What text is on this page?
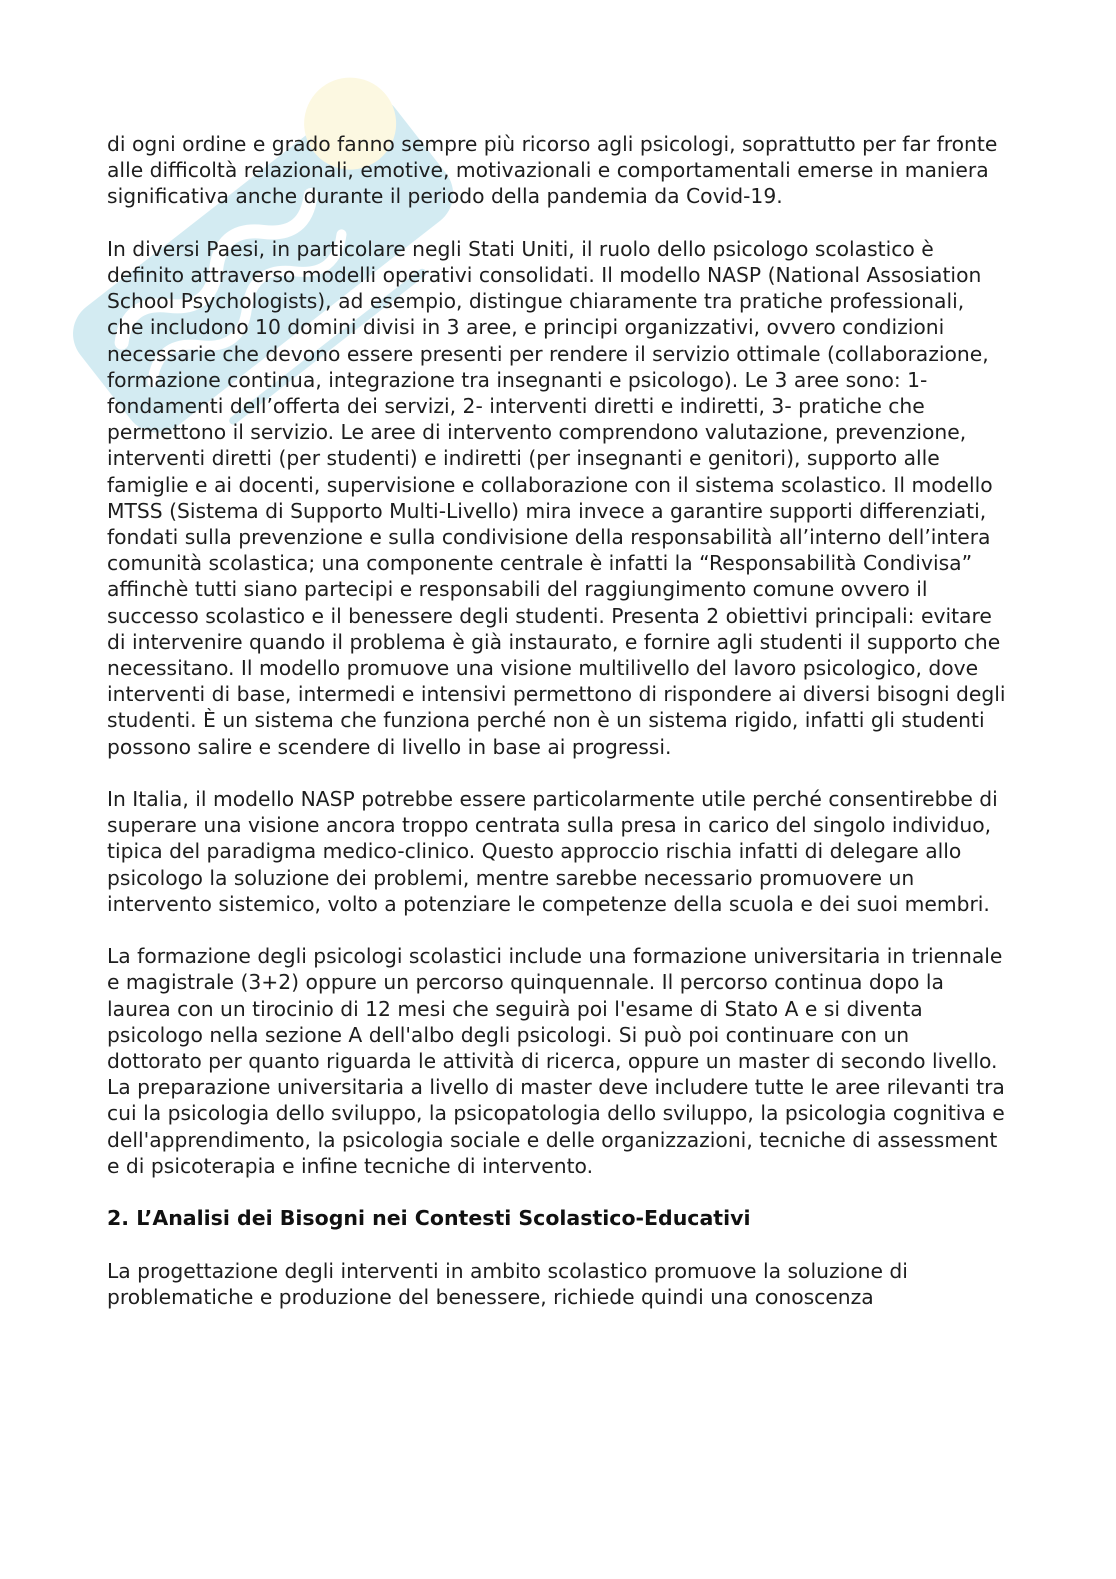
di ogni ordine e grado fanno sempre più ricorso agli psicologi, soprattutto per far fronte alle difficoltà relazionali, emotive, motivazionali e comportamentali emerse in maniera significativa anche durante il periodo della pandemia da Covid-19.

In diversi Paesi, in particolare negli Stati Uniti, il ruolo dello psicologo scolastico è definito attraverso modelli operativi consolidati. Il modello NASP (National Assosiation School Psychologists), ad esempio, distingue chiaramente tra pratiche professionali, che includono 10 domini divisi in 3 aree, e principi organizzativi, ovvero condizioni necessarie che devono essere presenti per rendere il servizio ottimale (collaborazione, formazione continua, integrazione tra insegnanti e psicologo). Le 3 aree sono: 1- fondamenti dell’offerta dei servizi, 2- interventi diretti e indiretti, 3- pratiche che permettono il servizio. Le aree di intervento comprendono valutazione, prevenzione, interventi diretti (per studenti) e indiretti (per insegnanti e genitori), supporto alle famiglie e ai docenti, supervisione e collaborazione con il sistema scolastico. Il modello MTSS (Sistema di Supporto Multi-Livello) mira invece a garantire supporti differenziati, fondati sulla prevenzione e sulla condivisione della responsabilità all’interno dell’intera comunità scolastica; una componente centrale è infatti la “Responsabilità Condivisa” affinchè tutti siano partecipi e responsabili del raggiungimento comune ovvero il successo scolastico e il benessere degli studenti. Presenta 2 obiettivi principali: evitare di intervenire quando il problema è già instaurato, e fornire agli studenti il supporto che necessitano. Il modello promuove una visione multilivello del lavoro psicologico, dove interventi di base, intermedi e intensivi permettono di rispondere ai diversi bisogni degli studenti. È un sistema che funziona perché non è un sistema rigido, infatti gli studenti possono salire e scendere di livello in base ai progressi.

In Italia, il modello NASP potrebbe essere particolarmente utile perché consentirebbe di superare una visione ancora troppo centrata sulla presa in carico del singolo individuo, tipica del paradigma medico-clinico. Questo approccio rischia infatti di delegare allo psicologo la soluzione dei problemi, mentre sarebbe necessario promuovere un intervento sistemico, volto a potenziare le competenze della scuola e dei suoi membri.

La formazione degli psicologi scolastici include una formazione universitaria in triennale e magistrale (3+2) oppure un percorso quinquennale. Il percorso continua dopo la laurea con un tirocinio di 12 mesi che seguirà poi l'esame di Stato A e si diventa psicologo nella sezione A dell'albo degli psicologi. Si può poi continuare con un dottorato per quanto riguarda le attività di ricerca, oppure un master di secondo livello. La preparazione universitaria a livello di master deve includere tutte le aree rilevanti tra cui la psicologia dello sviluppo, la psicopatologia dello sviluppo, la psicologia cognitiva e dell'apprendimento, la psicologia sociale e delle organizzazioni, tecniche di assessment e di psicoterapia e infine tecniche di intervento.

2. L’Analisi dei Bisogni nei Contesti Scolastico-Educativi

La progettazione degli interventi in ambito scolastico promuove la soluzione di problematiche e produzione del benessere, richiede quindi una conoscenza
